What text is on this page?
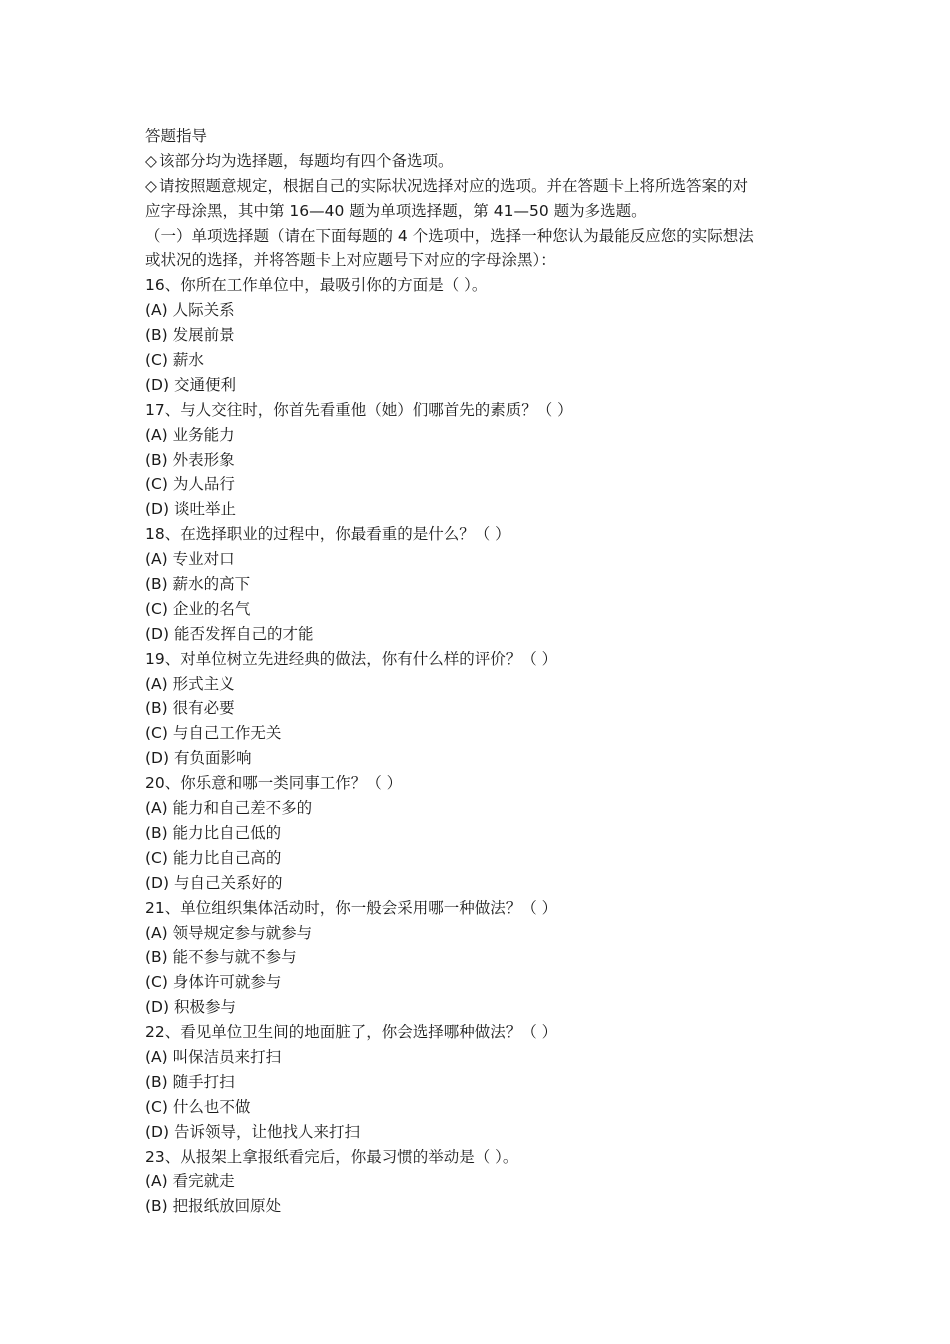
答题指导
◇ 该部分均为选择题，每题均有四个备选项。
◇ 请按照题意规定，根据自己的实际状况选择对应的选项。并在答题卡上将所选答案的对
应字母涂黑，其中第 16—40 题为单项选择题，第 41—50 题为多选题。
（一）单项选择题（请在下面每题的 4 个选项中，选择一种您认为最能反应您的实际想法
或状况的选择，并将答题卡上对应题号下对应的字母涂黑）：
16、你所在工作单位中，最吸引你的方面是（ ）。
(A) 人际关系
(B) 发展前景
(C) 薪水
(D) 交通便利
17、与人交往时，你首先看重他（她）们哪首先的素质？（ ）
(A) 业务能力
(B) 外表形象
(C) 为人品行
(D) 谈吐举止
18、在选择职业的过程中，你最看重的是什么？（ ）
(A) 专业对口
(B) 薪水的高下
(C) 企业的名气
(D) 能否发挥自己的才能
19、对单位树立先进经典的做法，你有什么样的评价？（ ）
(A) 形式主义
(B) 很有必要
(C) 与自己工作无关
(D) 有负面影响
20、你乐意和哪一类同事工作？（ ）
(A) 能力和自己差不多的
(B) 能力比自己低的
(C) 能力比自己高的
(D) 与自己关系好的
21、单位组织集体活动时，你一般会采用哪一种做法？（ ）
(A) 领导规定参与就参与
(B) 能不参与就不参与
(C) 身体许可就参与
(D) 积极参与
22、看见单位卫生间的地面脏了，你会选择哪种做法？（ ）
(A) 叫保洁员来打扫
(B) 随手打扫
(C) 什么也不做
(D) 告诉领导，让他找人来打扫
23、从报架上拿报纸看完后，你最习惯的举动是（ ）。
(A) 看完就走
(B) 把报纸放回原处
